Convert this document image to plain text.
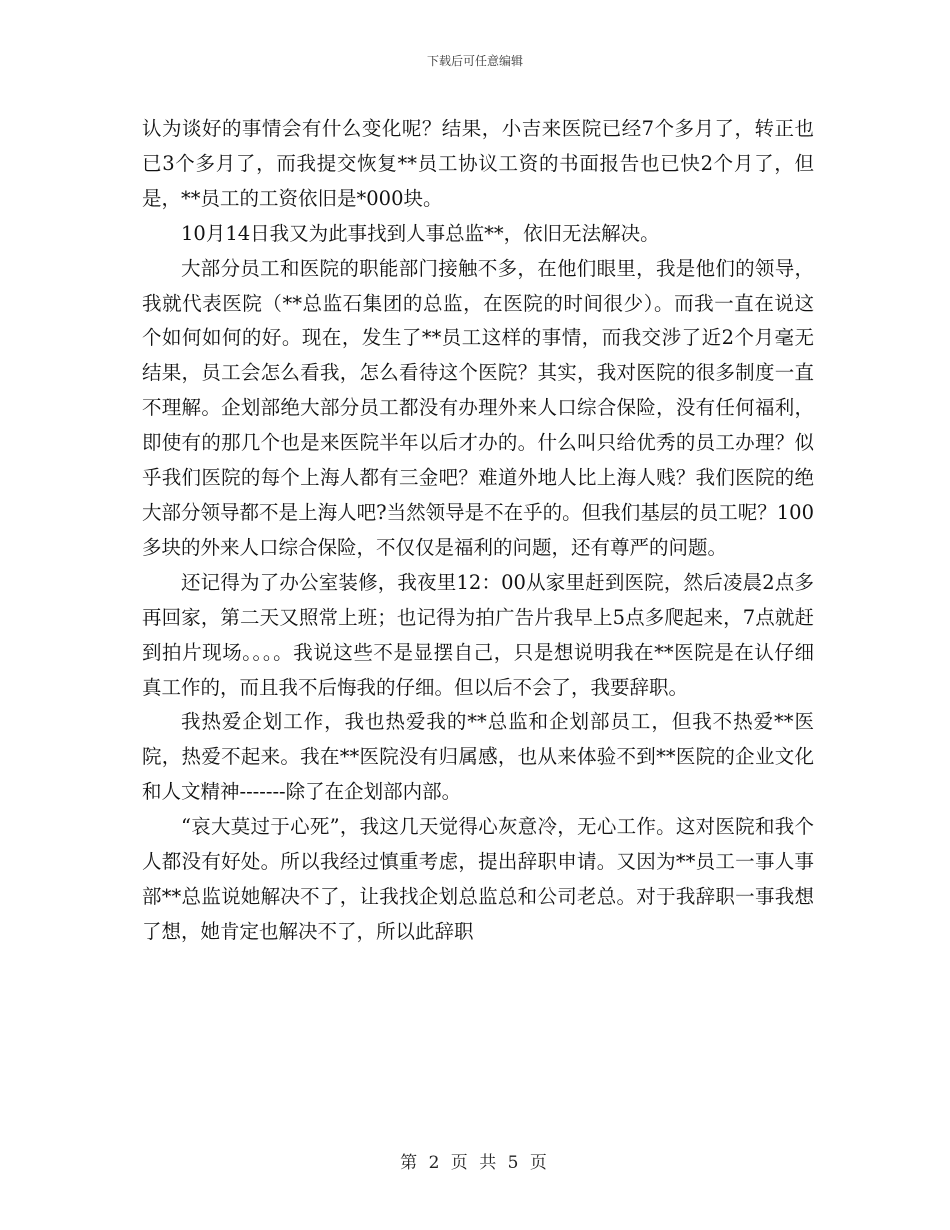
下载后可任意编辑

认为谈好的事情会有什么变化呢？结果，小吉来医院已经7个多月了，转正也已3个多月了，而我提交恢复**员工协议工资的书面报告也已快2个月了，但是，**员工的工资依旧是*000块。

10月14日我又为此事找到人事总监**，依旧无法解决。

大部分员工和医院的职能部门接触不多，在他们眼里，我是他们的领导，我就代表医院（**总监石集团的总监，在医院的时间很少）。而我一直在说这个如何如何的好。现在，发生了**员工这样的事情，而我交涉了近2个月毫无结果，员工会怎么看我，怎么看待这个医院？其实，我对医院的很多制度一直不理解。企划部绝大部分员工都没有办理外来人口综合保险，没有任何福利，即使有的那几个也是来医院半年以后才办的。什么叫只给优秀的员工办理？似乎我们医院的每个上海人都有三金吧？难道外地人比上海人贱？我们医院的绝大部分领导都不是上海人吧?当然领导是不在乎的。但我们基层的员工呢？100多块的外来人口综合保险，不仅仅是福利的问题，还有尊严的问题。

还记得为了办公室装修，我夜里12：00从家里赶到医院，然后凌晨2点多再回家，第二天又照常上班；也记得为拍广告片我早上5点多爬起来，7点就赶到拍片现场。。。。我说这些不是显摆自己，只是想说明我在**医院是在认仔细真工作的，而且我不后悔我的仔细。但以后不会了，我要辞职。

我热爱企划工作，我也热爱我的**总监和企划部员工，但我不热爱**医院，热爱不起来。我在**医院没有归属感，也从来体验不到**医院的企业文化和人文精神-------除了在企划部内部。

“哀大莫过于心死”，我这几天觉得心灰意冷，无心工作。这对医院和我个人都没有好处。所以我经过慎重考虑，提出辞职申请。又因为**员工一事人事部**总监说她解决不了，让我找企划总监总和公司老总。对于我辞职一事我想了想，她肯定也解决不了，所以此辞职

第 2 页 共 5 页
